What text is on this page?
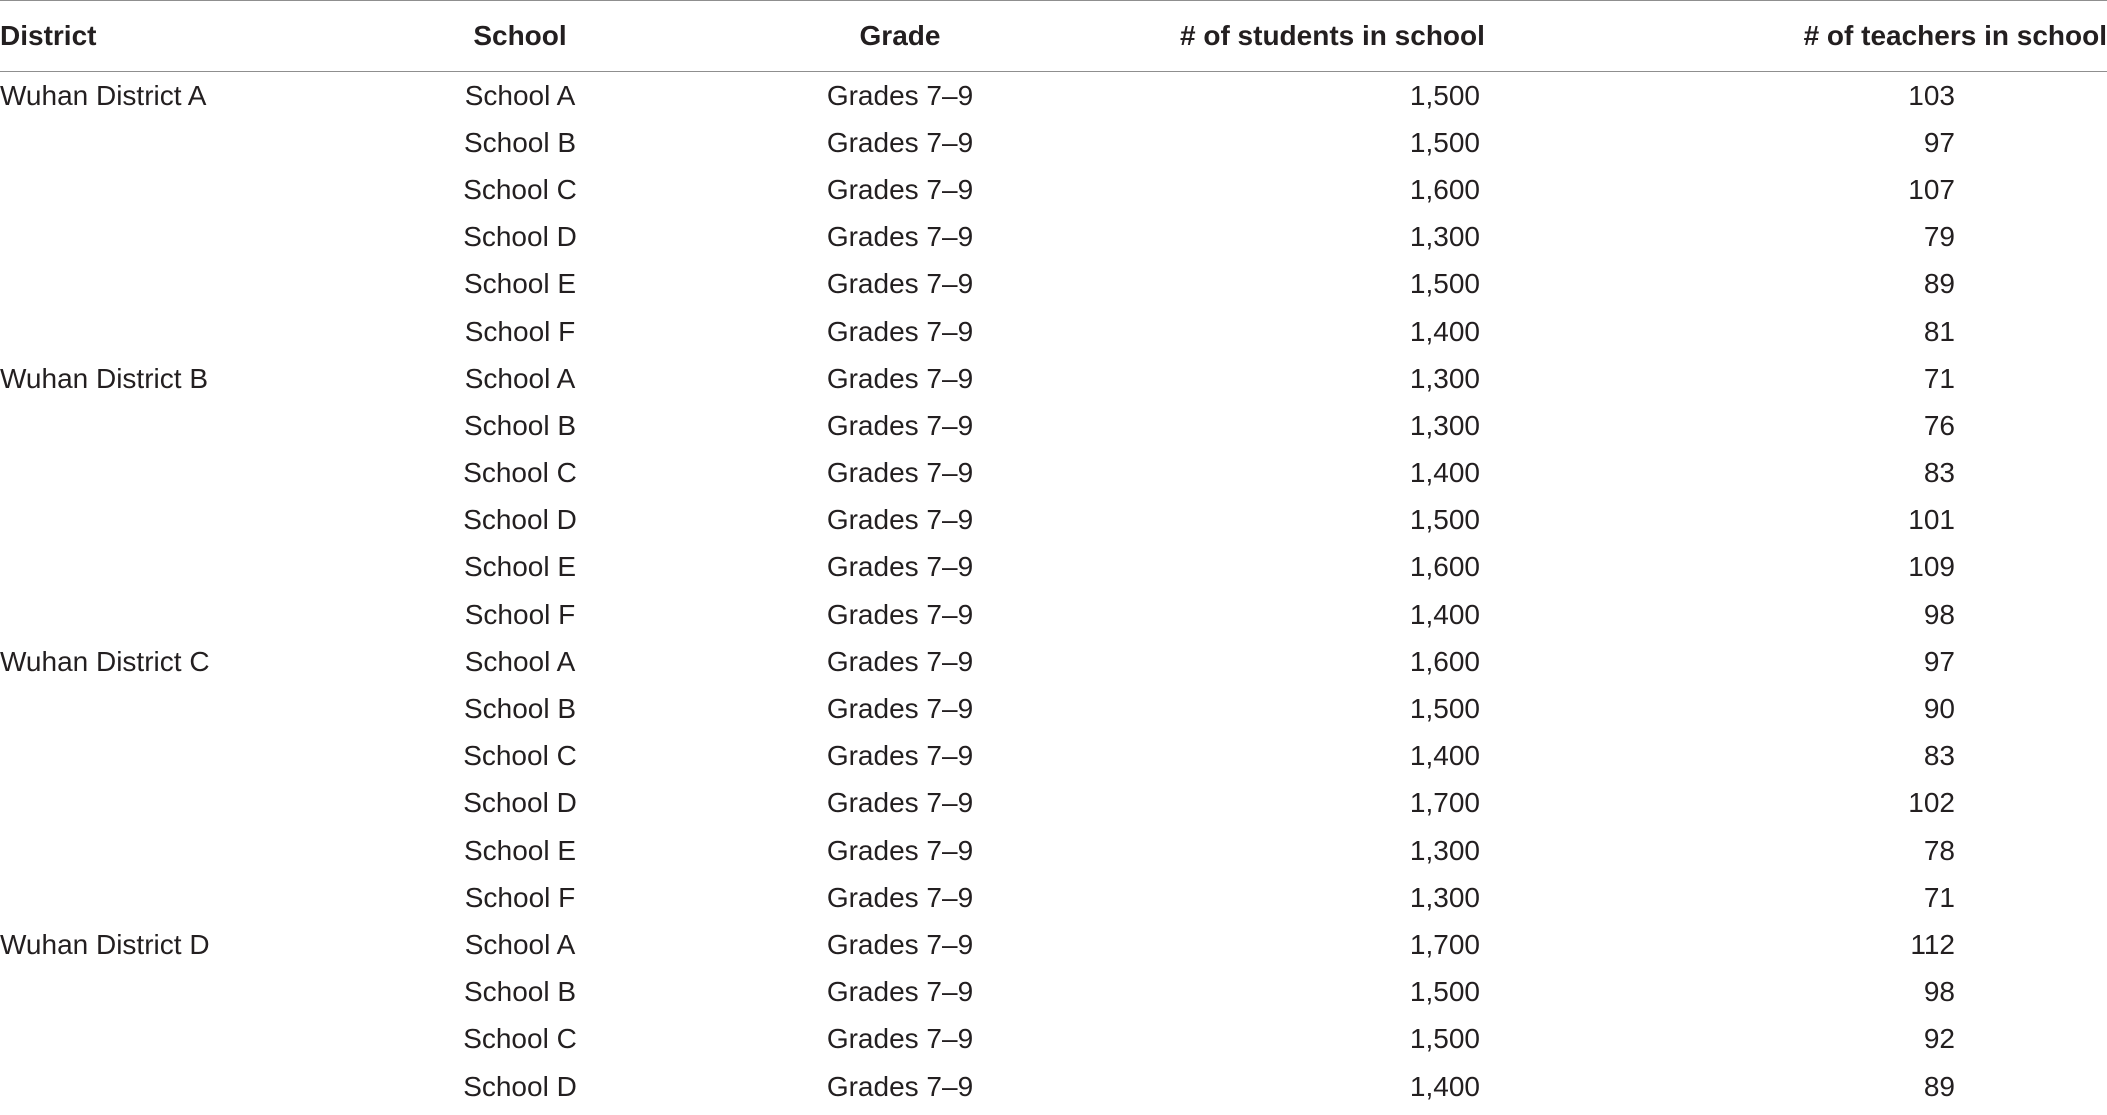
District	School	Grade	# of students in school	# of teachers in school
Wuhan District A	School A	Grades 7–9	1,500	103
	School B	Grades 7–9	1,500	97
	School C	Grades 7–9	1,600	107
	School D	Grades 7–9	1,300	79
	School E	Grades 7–9	1,500	89
	School F	Grades 7–9	1,400	81
Wuhan District B	School A	Grades 7–9	1,300	71
	School B	Grades 7–9	1,300	76
	School C	Grades 7–9	1,400	83
	School D	Grades 7–9	1,500	101
	School E	Grades 7–9	1,600	109
	School F	Grades 7–9	1,400	98
Wuhan District C	School A	Grades 7–9	1,600	97
	School B	Grades 7–9	1,500	90
	School C	Grades 7–9	1,400	83
	School D	Grades 7–9	1,700	102
	School E	Grades 7–9	1,300	78
	School F	Grades 7–9	1,300	71
Wuhan District D	School A	Grades 7–9	1,700	112
	School B	Grades 7–9	1,500	98
	School C	Grades 7–9	1,500	92
	School D	Grades 7–9	1,400	89
